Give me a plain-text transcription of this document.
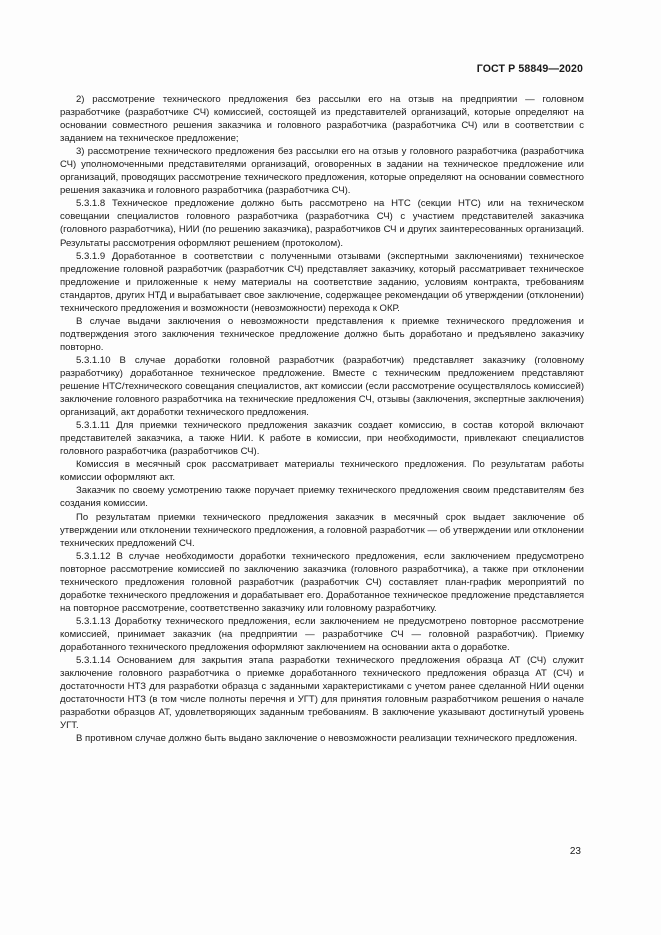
ГОСТ Р 58849—2020

2) рассмотрение технического предложения без рассылки его на отзыв на предприятии — головном разработчике (разработчике СЧ) комиссией, состоящей из представителей организаций, которые определяют на основании совместного решения заказчика и головного разработчика (разработчика СЧ) или в соответствии с заданием на техническое предложение;

3) рассмотрение технического предложения без рассылки его на отзыв у головного разработчика (разработчика СЧ) уполномоченными представителями организаций, оговоренных в задании на техническое предложение или организаций, проводящих рассмотрение технического предложения, которые определяют на основании совместного решения заказчика и головного разработчика (разработчика СЧ).

5.3.1.8 Техническое предложение должно быть рассмотрено на НТС (секции НТС) или на техническом совещании специалистов головного разработчика (разработчика СЧ) с участием представителей заказчика (головного разработчика), НИИ (по решению заказчика), разработчиков СЧ и других заинтересованных организаций. Результаты рассмотрения оформляют решением (протоколом).

5.3.1.9 Доработанное в соответствии с полученными отзывами (экспертными заключениями) техническое предложение головной разработчик (разработчик СЧ) представляет заказчику, который рассматривает техническое предложение и приложенные к нему материалы на соответствие заданию, условиям контракта, требованиям стандартов, других НТД и вырабатывает свое заключение, содержащее рекомендации об утверждении (отклонении) технического предложения и возможности (невозможности) перехода к ОКР.

В случае выдачи заключения о невозможности представления к приемке технического предложения и подтверждения этого заключения техническое предложение должно быть доработано и предъявлено заказчику повторно.

5.3.1.10 В случае доработки головной разработчик (разработчик) представляет заказчику (головному разработчику) доработанное техническое предложение. Вместе с техническим предложением представляют решение НТС/технического совещания специалистов, акт комиссии (если рассмотрение осуществлялось комиссией) заключение головного разработчика на технические предложения СЧ, отзывы (заключения, экспертные заключения) организаций, акт доработки технического предложения.

5.3.1.11 Для приемки технического предложения заказчик создает комиссию, в состав которой включают представителей заказчика, а также НИИ. К работе в комиссии, при необходимости, привлекают специалистов головного разработчика (разработчиков СЧ).

Комиссия в месячный срок рассматривает материалы технического предложения. По результатам работы комиссии оформляют акт.

Заказчик по своему усмотрению также поручает приемку технического предложения своим представителям без создания комиссии.

По результатам приемки технического предложения заказчик в месячный срок выдает заключение об утверждении или отклонении технического предложения, а головной разработчик — об утверждении или отклонении технических предложений СЧ.

5.3.1.12 В случае необходимости доработки технического предложения, если заключением предусмотрено повторное рассмотрение комиссией по заключению заказчика (головного разработчика), а также при отклонении технического предложения головной разработчик (разработчик СЧ) составляет план-график мероприятий по доработке технического предложения и дорабатывает его. Доработанное техническое предложение представляется на повторное рассмотрение, соответственно заказчику или головному разработчику.

5.3.1.13 Доработку технического предложения, если заключением не предусмотрено повторное рассмотрение комиссией, принимает заказчик (на предприятии — разработчике СЧ — головной разработчик). Приемку доработанного технического предложения оформляют заключением на основании акта о доработке.

5.3.1.14 Основанием для закрытия этапа разработки технического предложения образца АТ (СЧ) служит заключение головного разработчика о приемке доработанного технического предложения образца АТ (СЧ) и достаточности НТЗ для разработки образца с заданными характеристиками с учетом ранее сделанной НИИ оценки достаточности НТЗ (в том числе полноты перечня и УГТ) для принятия головным разработчиком решения о начале разработки образцов АТ, удовлетворяющих заданным требованиям. В заключение указывают достигнутый уровень УГТ.

В противном случае должно быть выдано заключение о невозможности реализации технического предложения.

23
